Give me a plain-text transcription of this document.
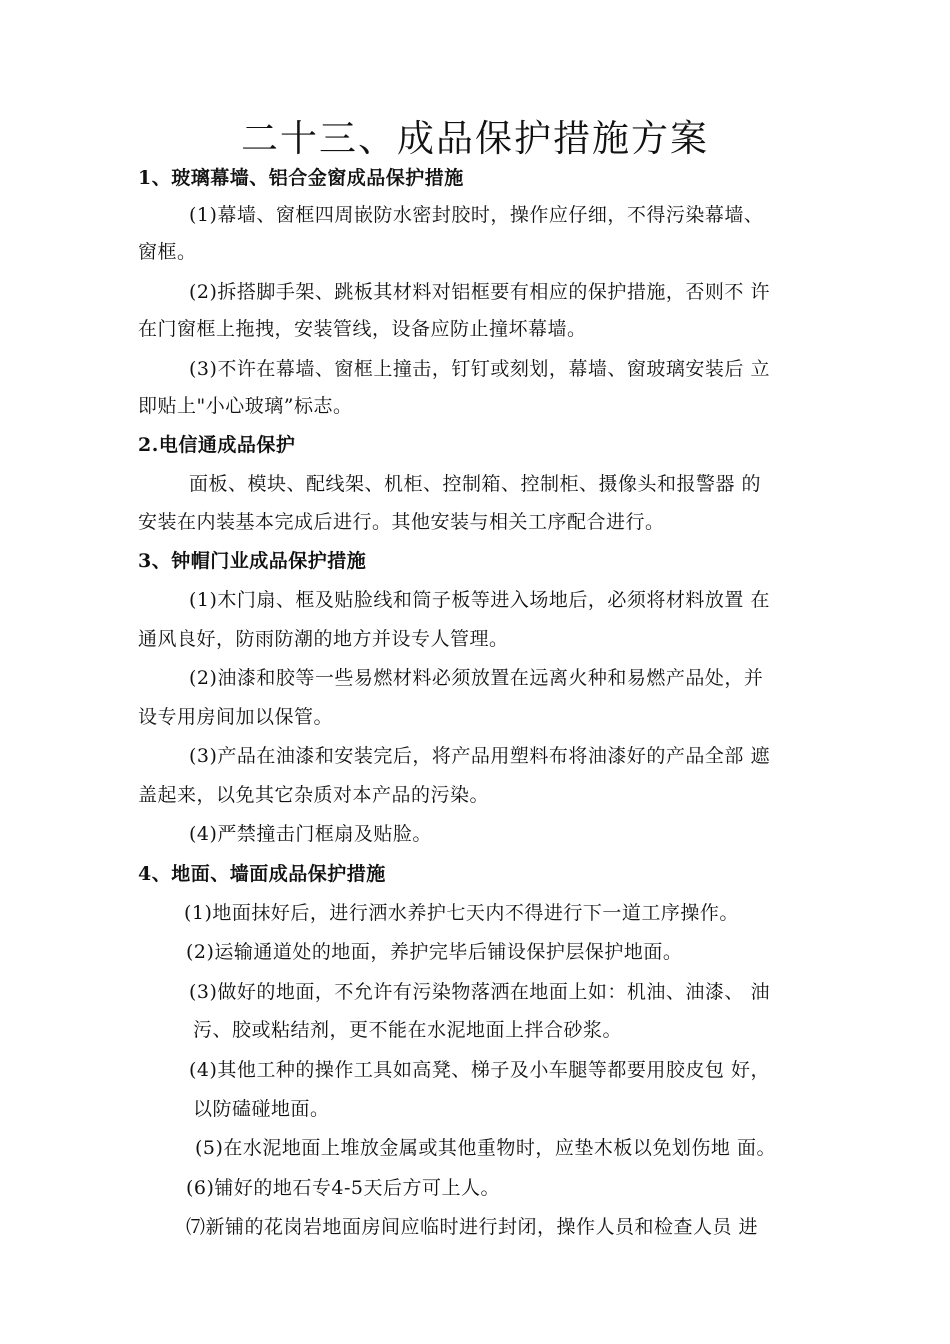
二十三、成品保护措施方案
1、玻璃幕墙、铝合金窗成品保护措施
(1)幕墙、窗框四周嵌防水密封胶时，操作应仔细，不得污染幕墙、
窗框。
(2)拆搭脚手架、跳板其材料对铝框要有相应的保护措施，否则不 许
在门窗框上拖拽，安装管线，设备应防止撞坏幕墙。
(3)不许在幕墙、窗框上撞击，钉钉或刻划，幕墙、窗玻璃安装后 立
即贴上"小心玻璃”标志。
2.电信通成品保护
面板、模块、配线架、机柜、控制箱、控制柜、摄像头和报警器 的
安装在内装基本完成后进行。其他安装与相关工序配合进行。
3、钟帽门业成品保护措施
(1)木门扇、框及贴脸线和筒子板等进入场地后，必须将材料放置 在
通风良好，防雨防潮的地方并设专人管理。
(2)油漆和胶等一些易燃材料必须放置在远离火种和易燃产品处，并
设专用房间加以保管。
(3)产品在油漆和安装完后，将产品用塑料布将油漆好的产品全部 遮
盖起来，以免其它杂质对本产品的污染。
(4)严禁撞击门框扇及贴脸。
4、地面、墙面成品保护措施
(1)地面抹好后，进行洒水养护七天内不得进行下一道工序操作。
(2)运输通道处的地面，养护完毕后铺设保护层保护地面。
(3)做好的地面，不允许有污染物落洒在地面上如：机油、油漆、 油
污、胶或粘结剂，更不能在水泥地面上拌合砂浆。
(4)其他工种的操作工具如高凳、梯子及小车腿等都要用胶皮包 好，
以防磕碰地面。
(5)在水泥地面上堆放金属或其他重物时，应垫木板以免划伤地 面。
(6)铺好的地石专4-5天后方可上人。
⑺新铺的花岗岩地面房间应临时进行封闭，操作人员和检查人员 进
